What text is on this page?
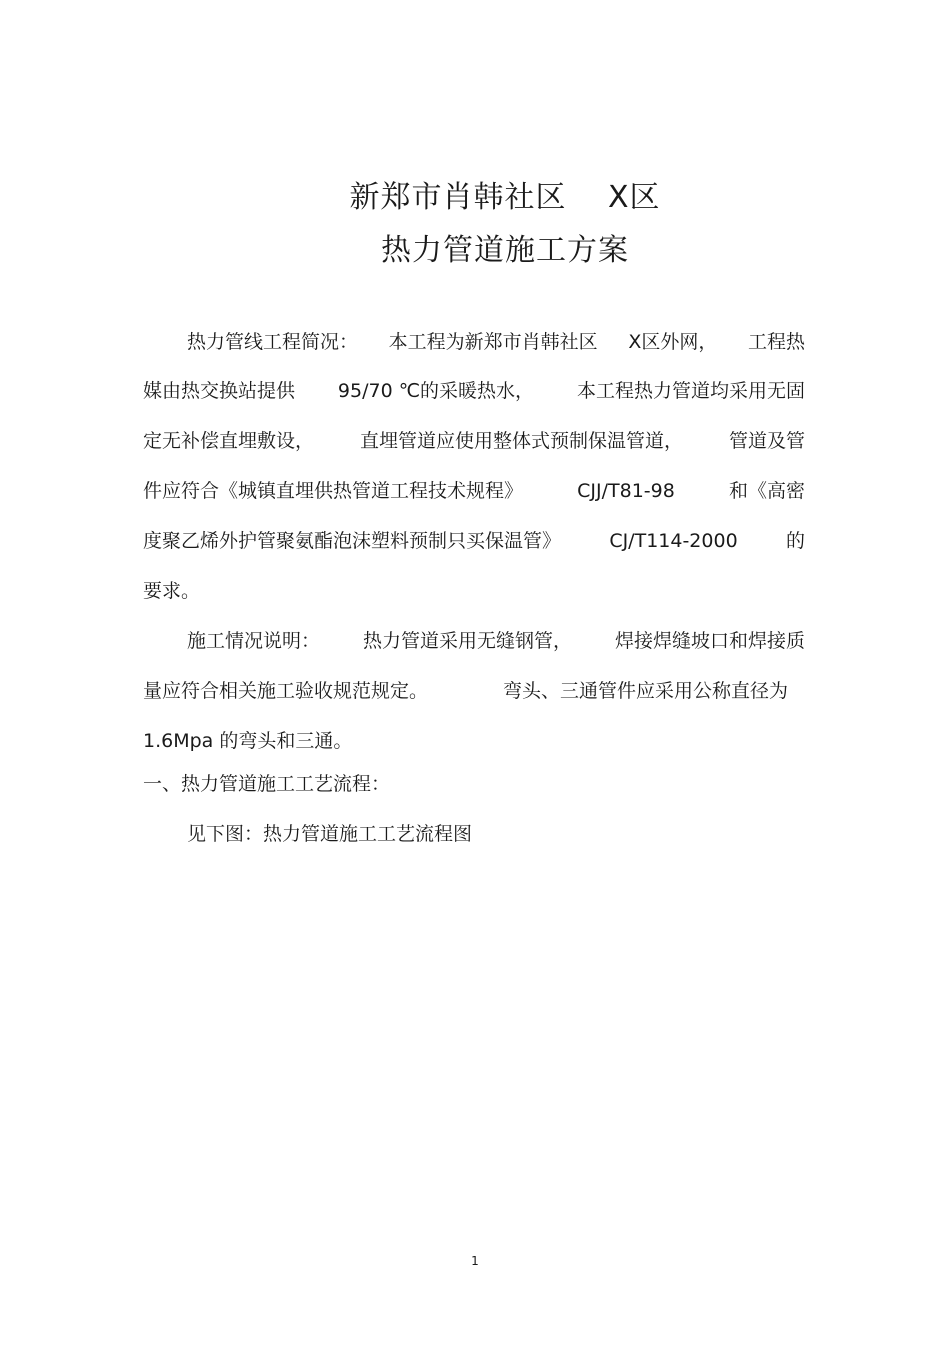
新郑市肖韩社区　 X区
热力管道施工方案
热力管线工程简况： 本工程为新郑市肖韩社区 X区外网， 工程热
媒由热交换站提供 95/70 ℃的采暖热水， 本工程热力管道均采用无固
定无补偿直埋敷设， 直埋管道应使用整体式预制保温管道， 管道及管
件应符合《城镇直埋供热管道工程技术规程》	CJJ/T81-98	和《高密
度聚乙烯外护管聚氨酯泡沫塑料预制只买保温管》	CJ/T114-2000	的
要求。
施工情况说明： 热力管道采用无缝钢管， 焊接焊缝坡口和焊接质
量应符合相关施工验收规范规定。	弯头、三通管件应采用公称直径为
1.6Mpa 的弯头和三通。
一、热力管道施工工艺流程：
见下图：热力管道施工工艺流程图
1
